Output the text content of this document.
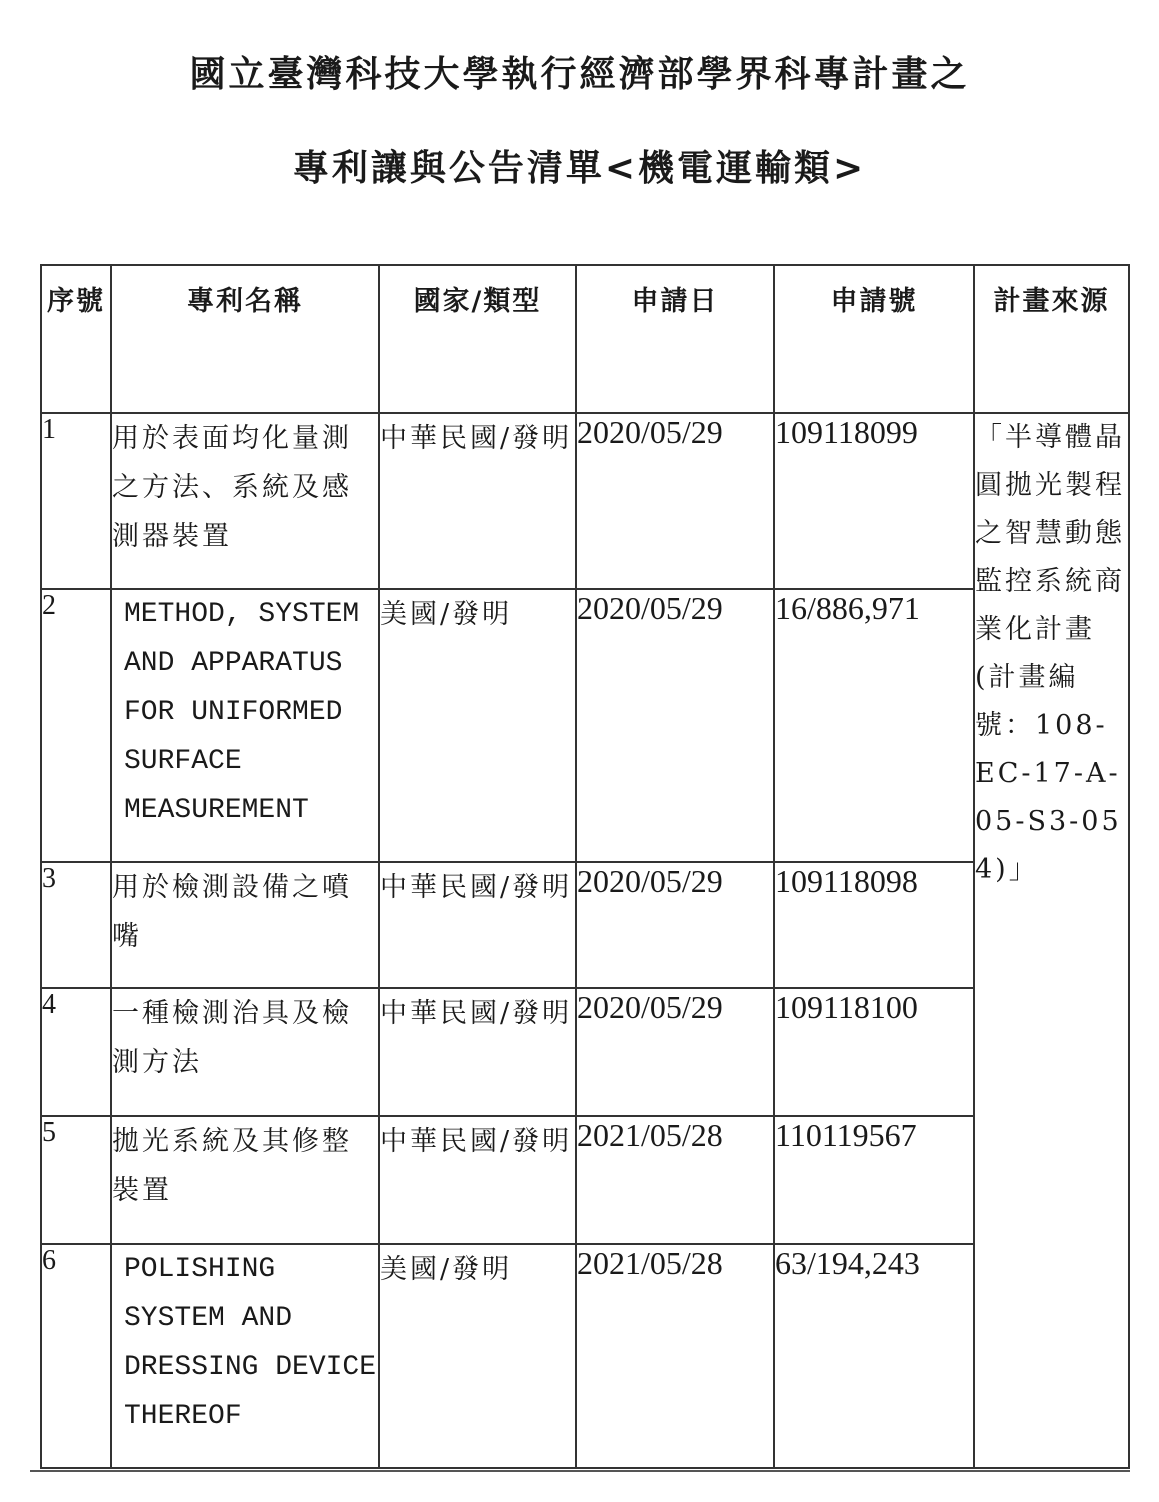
國立臺灣科技大學執行經濟部學界科專計畫之
專利讓與公告清單<機電運輸類>
序號	專利名稱	國家/類型	申請日	申請號	計畫來源
1	用於表面均化量測之方法、系統及感測器裝置	中華民國/發明	2020/05/29	109118099	「半導體晶圓拋光製程之智慧動態監控系統商業化計畫(計畫編號：108-EC-17-A-05-S3-054)」
2	METHOD, SYSTEM AND APPARATUS FOR UNIFORMED SURFACE MEASUREMENT	美國/發明	2020/05/29	16/886,971	
3	用於檢測設備之噴嘴	中華民國/發明	2020/05/29	109118098	
4	一種檢測治具及檢測方法	中華民國/發明	2020/05/29	109118100	
5	拋光系統及其修整裝置	中華民國/發明	2021/05/28	110119567	
6	POLISHING SYSTEM AND DRESSING DEVICE THEREOF	美國/發明	2021/05/28	63/194,243	
